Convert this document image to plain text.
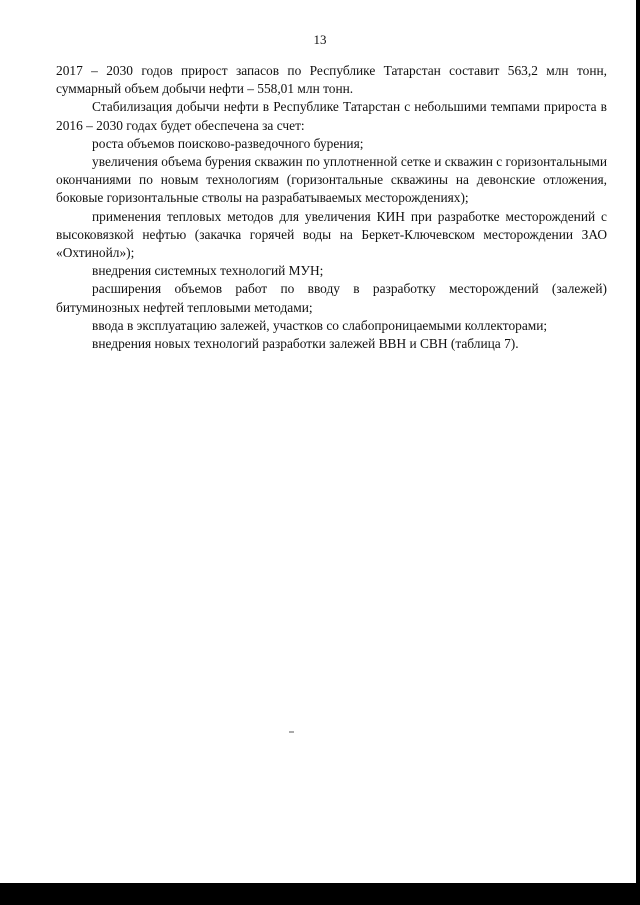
13

2017 – 2030 годов прирост запасов по Республике Татарстан составит 563,2 млн тонн, суммарный объем добычи нефти – 558,01 млн тонн.

Стабилизация добычи нефти в Республике Татарстан с небольшими темпами прироста в 2016 – 2030 годах будет обеспечена за счет:

роста объемов поисково-разведочного бурения;

увеличения объема бурения скважин по уплотненной сетке и скважин с горизонтальными окончаниями по новым технологиям (горизонтальные скважины на девонские отложения, боковые горизонтальные стволы на разрабатываемых месторождениях);

применения тепловых методов для увеличения КИН при разработке месторождений с высоковязкой нефтью (закачка горячей воды на Беркет-Ключевском месторождении ЗАО «Охтинойл»);

внедрения системных технологий МУН;

расширения объемов работ по вводу в разработку месторождений (залежей) битуминозных нефтей тепловыми методами;

ввода в эксплуатацию залежей, участков со слабопроницаемыми коллекторами;

внедрения новых технологий разработки залежей ВВН и СВН (таблица 7).
